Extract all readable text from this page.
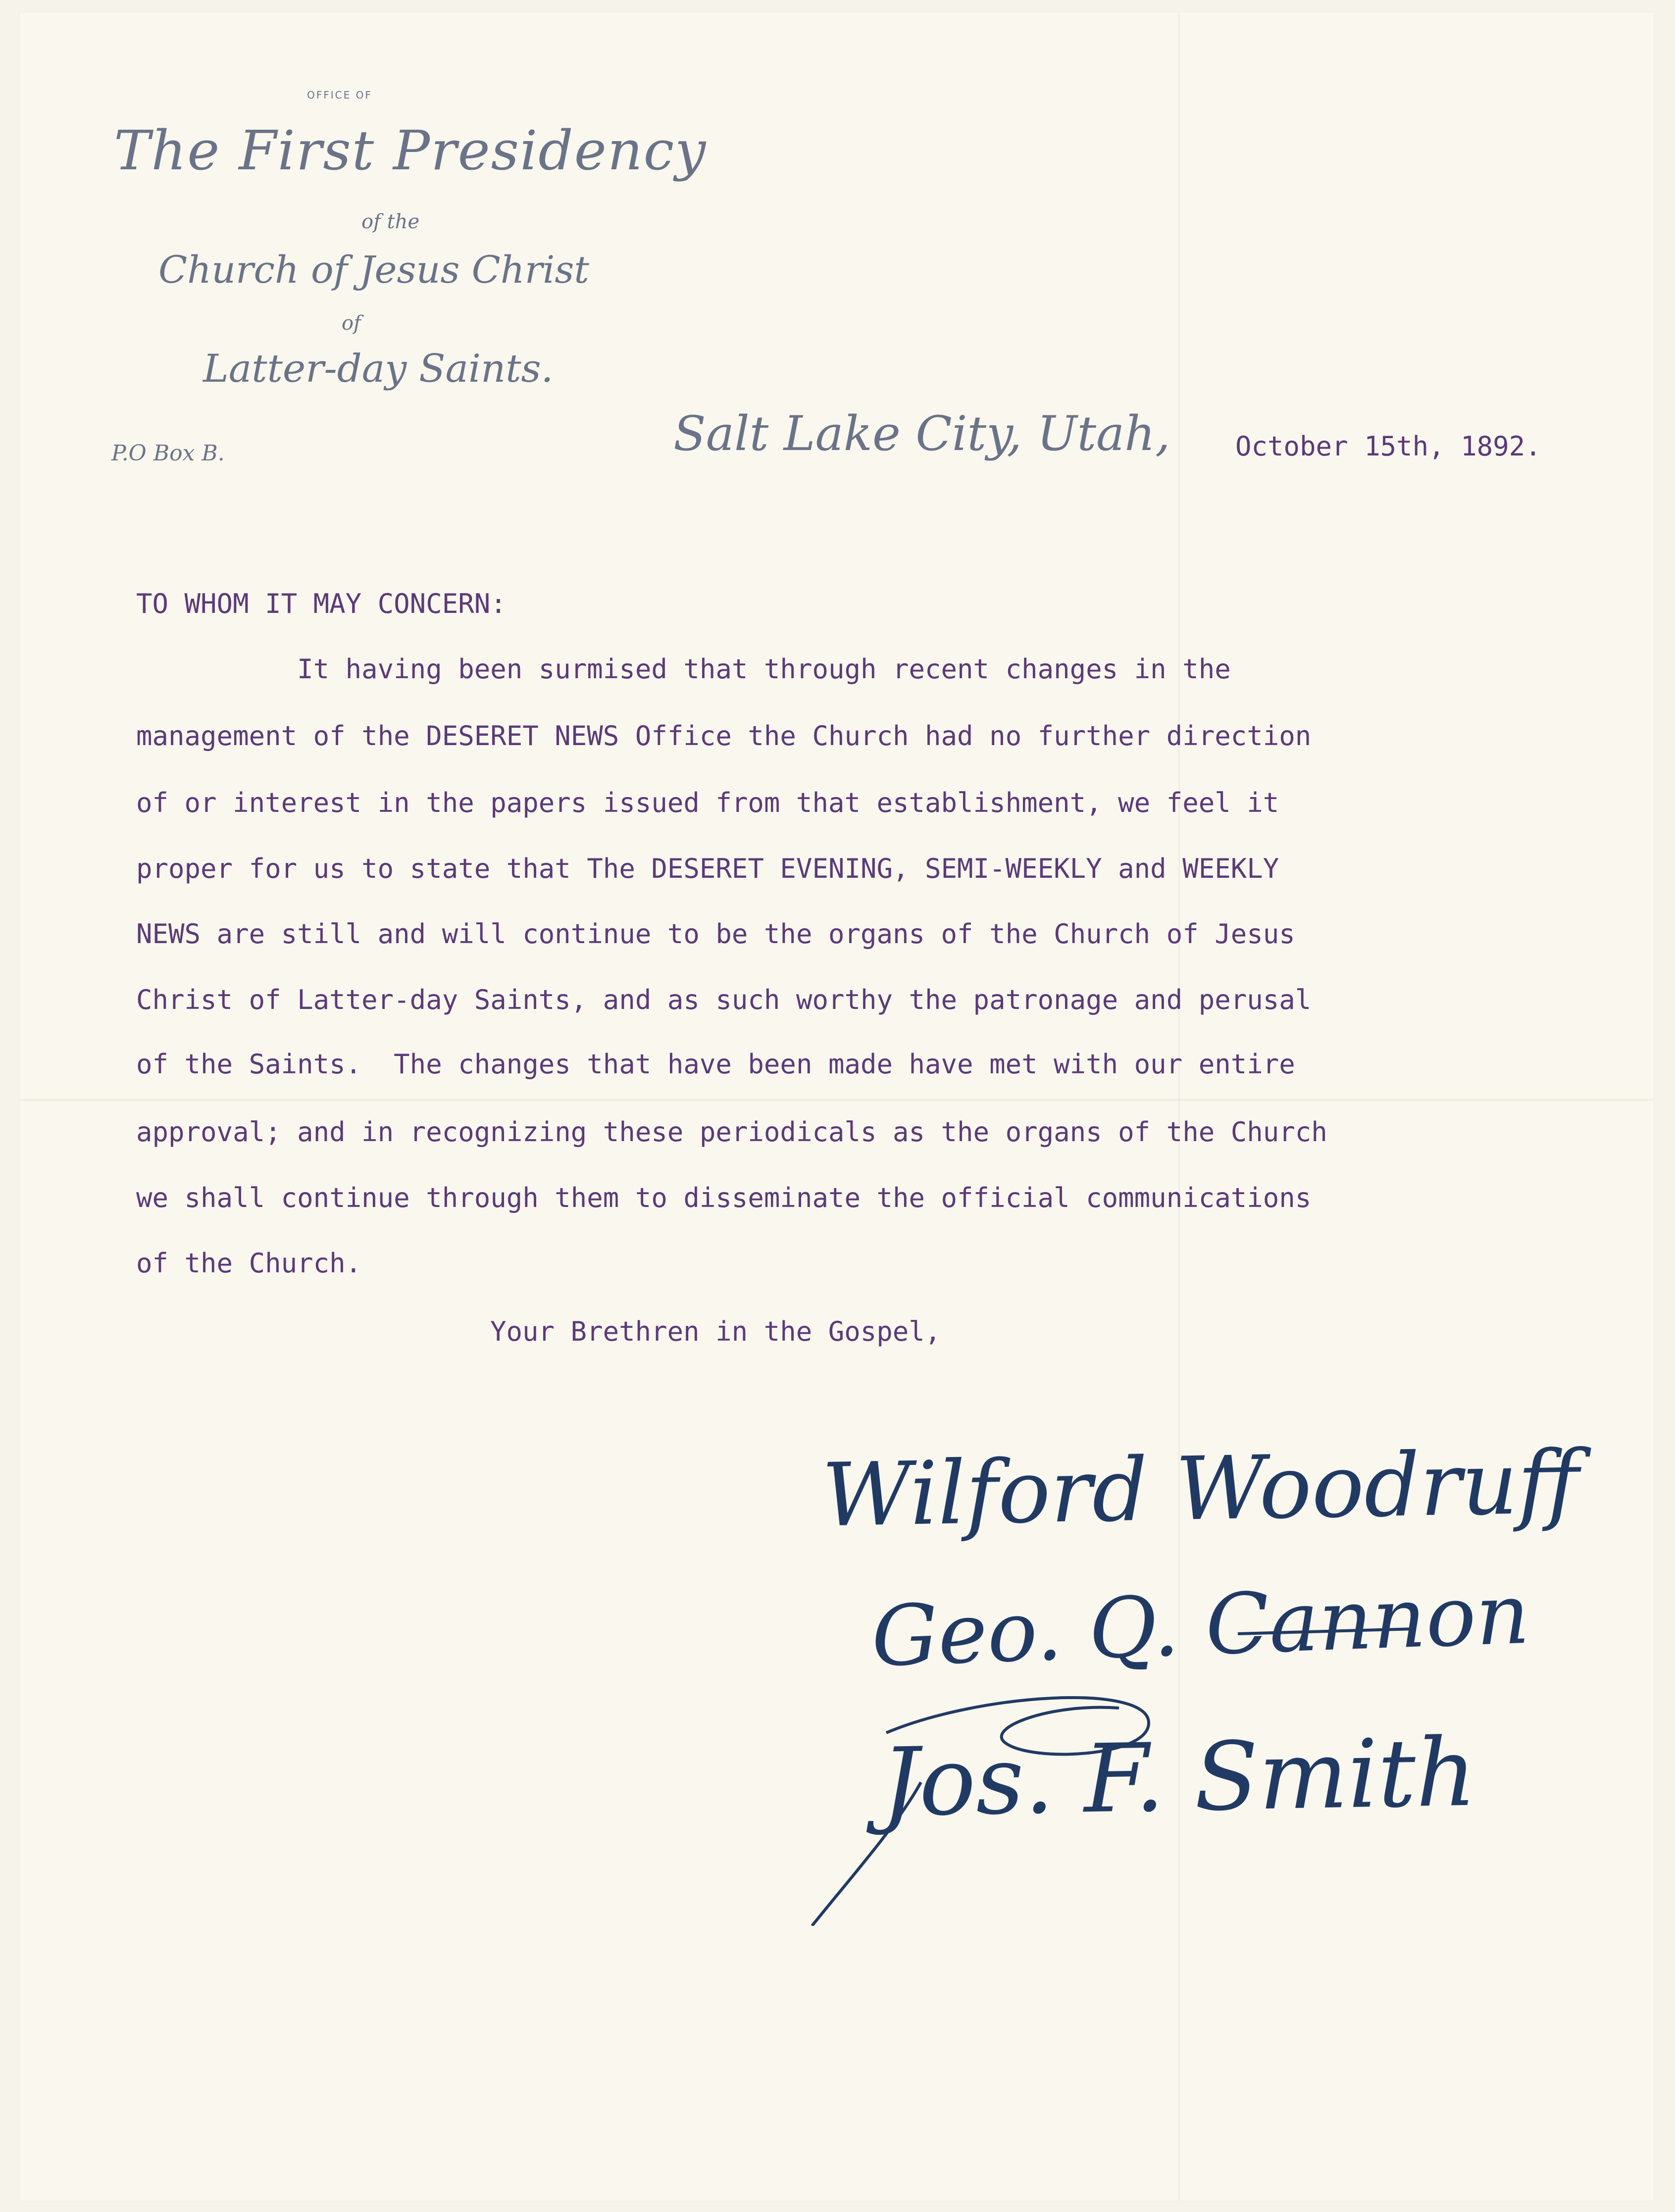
OFFICE OF
The First Presidency
of the
Church of Jesus Christ
of
Latter-day Saints.
P.O Box B.	Salt Lake City, Utah, October 15th, 1892.
TO WHOM IT MAY CONCERN:
It having been surmised that through recent changes in the
management of the DESERET NEWS Office the Church had no further direction
of or interest in the papers issued from that establishment, we feel it
proper for us to state that The DESERET EVENING, SEMI-WEEKLY and WEEKLY
NEWS are still and will continue to be the organs of the Church of Jesus
Christ of Latter-day Saints, and as such worthy the patronage and perusal
of the Saints.  The changes that have been made have met with our entire
approval; and in recognizing these periodicals as the organs of the Church
we shall continue through them to disseminate the official communications
of the Church.
Your Brethren in the Gospel,
Wilford Woodruff
Geo. Q. Cannon
Jos. F. Smith
